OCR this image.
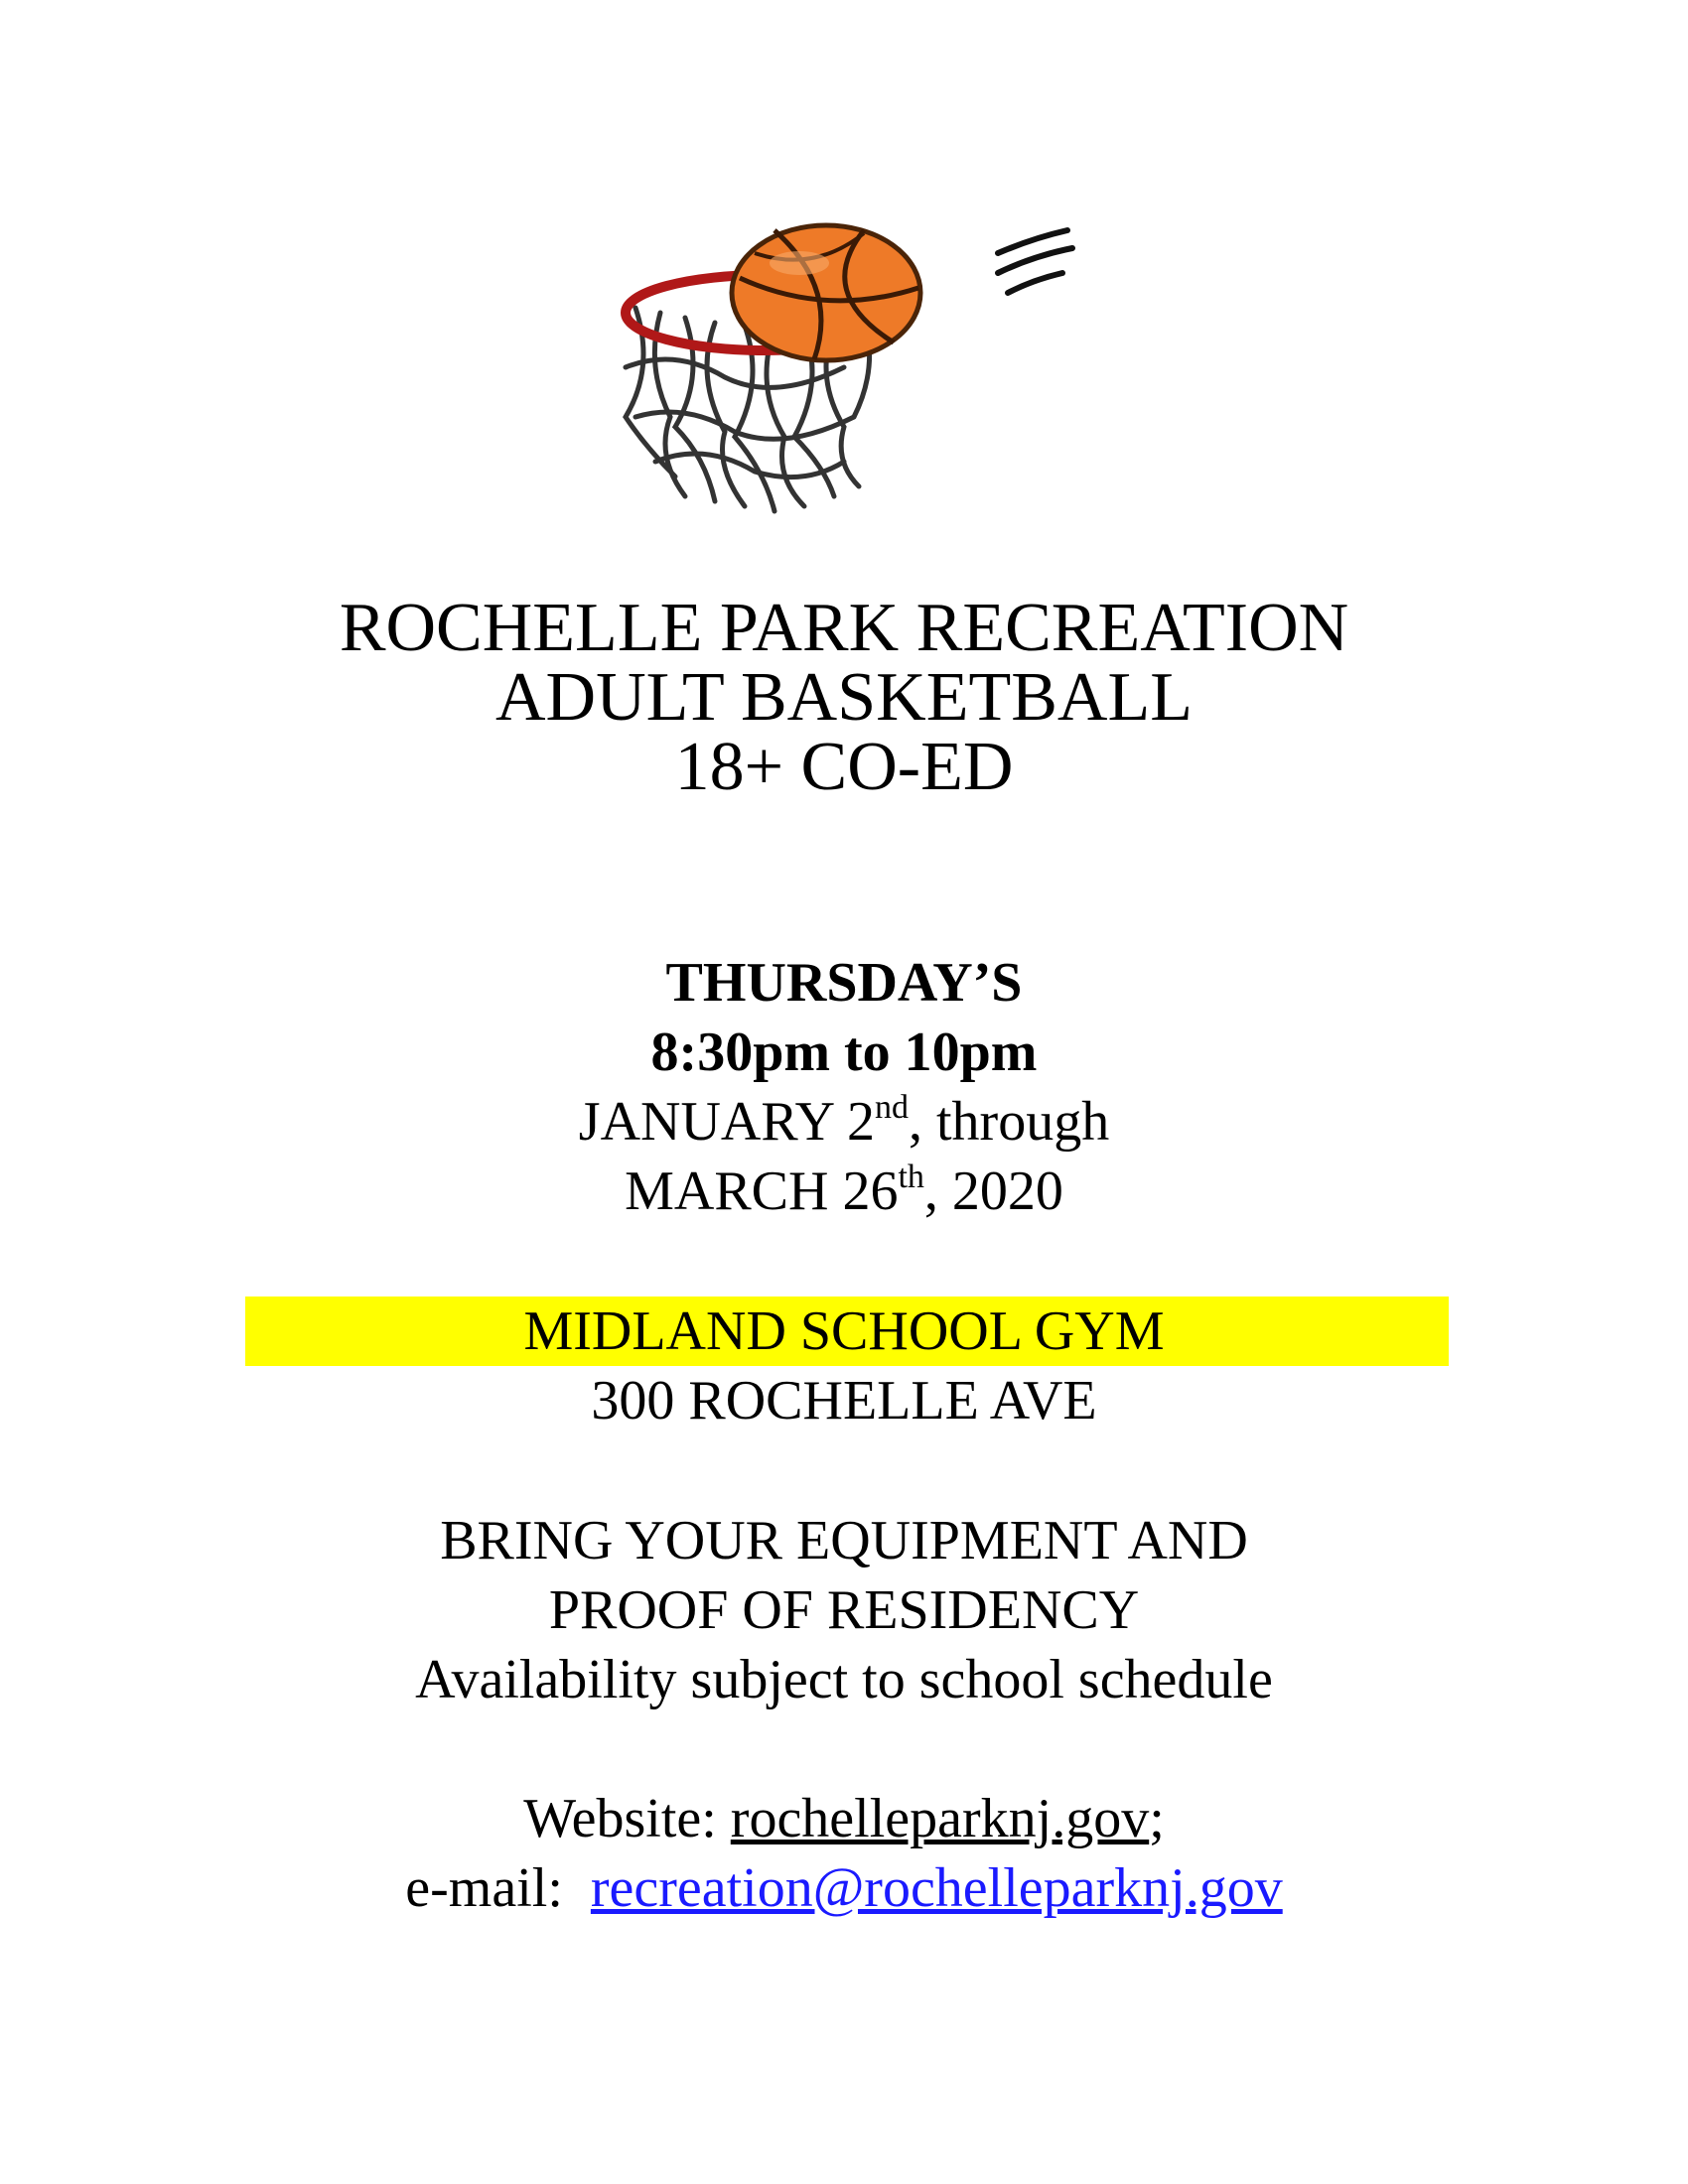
ROCHELLE PARK RECREATION
ADULT BASKETBALL
18+ CO-ED
THURSDAY’S
8:30pm to 10pm
JANUARY 2nd, through
MARCH 26th, 2020
MIDLAND SCHOOL GYM
300 ROCHELLE AVE
BRING YOUR EQUIPMENT AND
PROOF OF RESIDENCY
Availability subject to school schedule
Website: rochelleparknj.gov;
e-mail:  recreation@rochelleparknj.gov
